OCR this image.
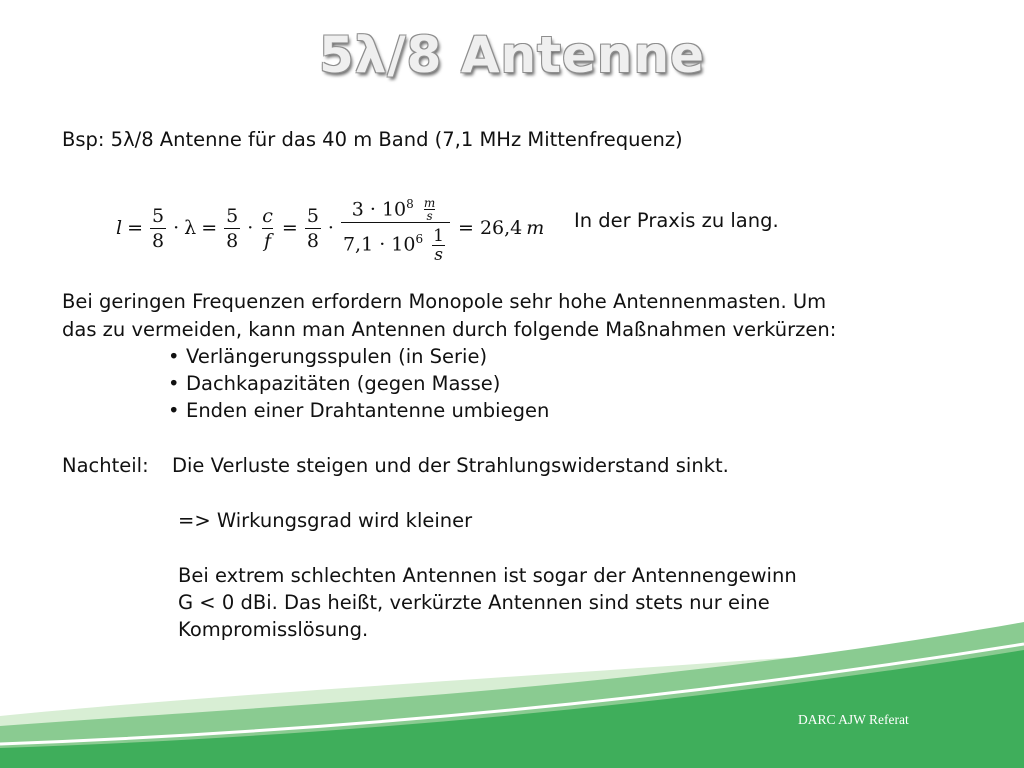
5λ/8 Antenne
Bsp: 5λ/8 Antenne für das 40 m Band (7,1 MHz Mittenfrequenz)
$l = \frac{5}{8} \cdot \lambda = \frac{5}{8} \cdot \frac{c}{f} = \frac{5}{8} \cdot \frac{3 \cdot 10^8 \frac{m}{s}}{7,1 \cdot 10^6 \frac{1}{s}} = 26,4$ m In der Praxis zu lang.
Bei geringen Frequenzen erfordern Monopole sehr hohe Antennenmasten. Um
das zu vermeiden, kann man Antennen durch folgende Maßnahmen verkürzen:
• Verlängerungsspulen (in Serie)
• Dachkapazitäten (gegen Masse)
• Enden einer Drahtantenne umbiegen
Nachteil: Die Verluste steigen und der Strahlungswiderstand sinkt.
=> Wirkungsgrad wird kleiner
Bei extrem schlechten Antennen ist sogar der Antennengewinn
G < 0 dBi. Das heißt, verkürzte Antennen sind stets nur eine
Kompromisslösung.
DARC AJW Referat
